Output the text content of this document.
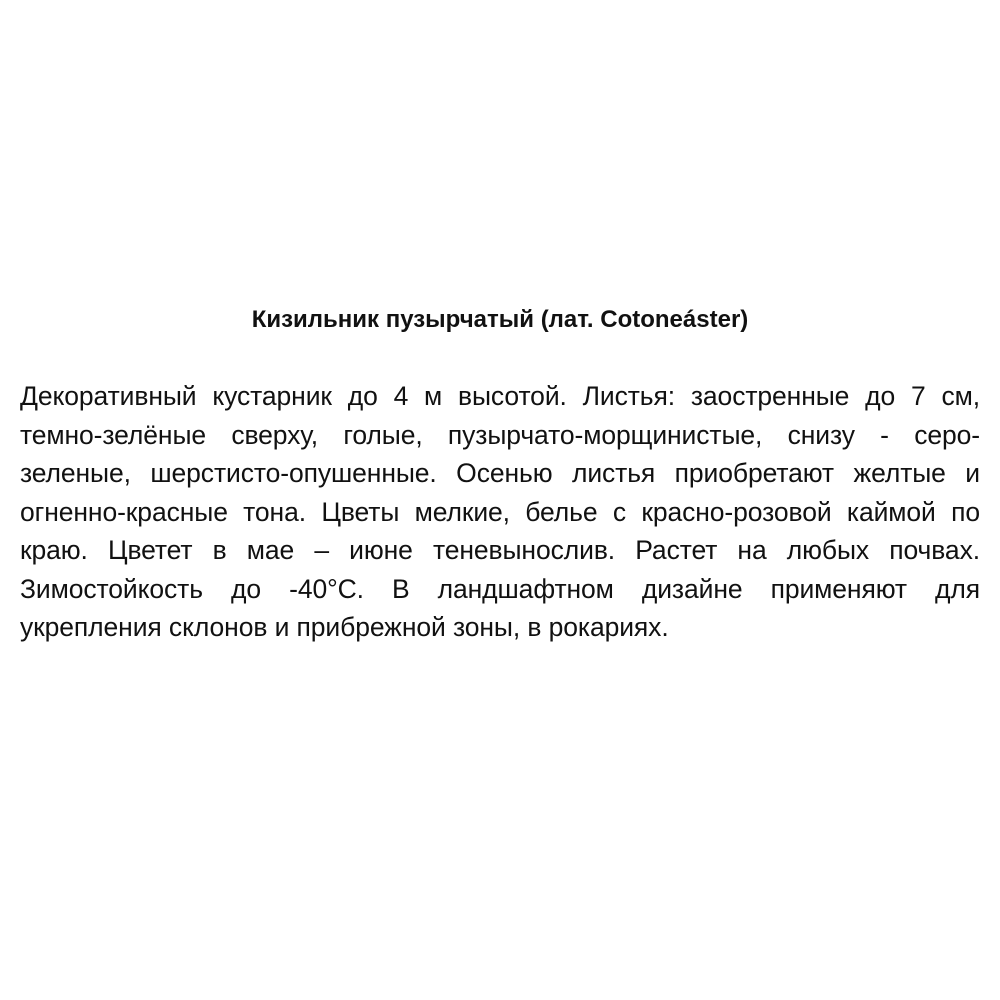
Кизильник пузырчатый (лат. Cotoneáster)

Декоративный кустарник до 4 м высотой. Листья: заостренные до 7 см, темно-зелёные сверху, голые, пузырчато-морщинистые, снизу - серо-зеленые, шерстисто-опушенные. Осенью листья приобретают желтые и огненно-красные тона. Цветы мелкие, белье с красно-розовой каймой по краю. Цветет в мае – июне теневынослив. Растет на любых почвах. Зимостойкость до -40°С. В ландшафтном дизайне применяют для укрепления склонов и прибрежной зоны, в рокариях.
